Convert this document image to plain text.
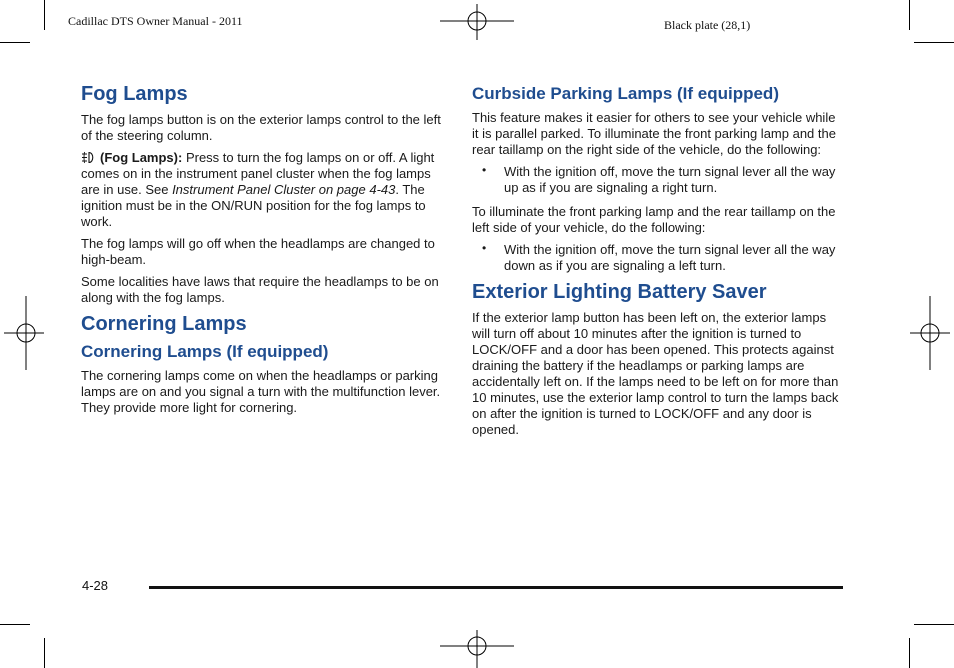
Cadillac DTS Owner Manual - 2011	Black plate (28,1)
Fog Lamps

The fog lamps button is on the exterior lamps control to the left of the steering column.

(Fog Lamps): Press to turn the fog lamps on or off. A light comes on in the instrument panel cluster when the fog lamps are in use. See Instrument Panel Cluster on page 4-43. The ignition must be in the ON/RUN position for the fog lamps to work.

The fog lamps will go off when the headlamps are changed to high-beam.

Some localities have laws that require the headlamps to be on along with the fog lamps.

Cornering Lamps
Cornering Lamps (If equipped)

The cornering lamps come on when the headlamps or parking lamps are on and you signal a turn with the multifunction lever. They provide more light for cornering.

Curbside Parking Lamps (If equipped)

This feature makes it easier for others to see your vehicle while it is parallel parked. To illuminate the front parking lamp and the rear taillamp on the right side of the vehicle, do the following:

• With the ignition off, move the turn signal lever all the way up as if you are signaling a right turn.

To illuminate the front parking lamp and the rear taillamp on the left side of your vehicle, do the following:

• With the ignition off, move the turn signal lever all the way down as if you are signaling a left turn.
Exterior Lighting Battery Saver

If the exterior lamp button has been left on, the exterior lamps will turn off about 10 minutes after the ignition is turned to LOCK/OFF and a door has been opened. This protects against draining the battery if the headlamps or parking lamps are accidentally left on. If the lamps need to be left on for more than 10 minutes, use the exterior lamp control to turn the lamps back on after the ignition is turned to LOCK/OFF and any door is opened.

4-28
